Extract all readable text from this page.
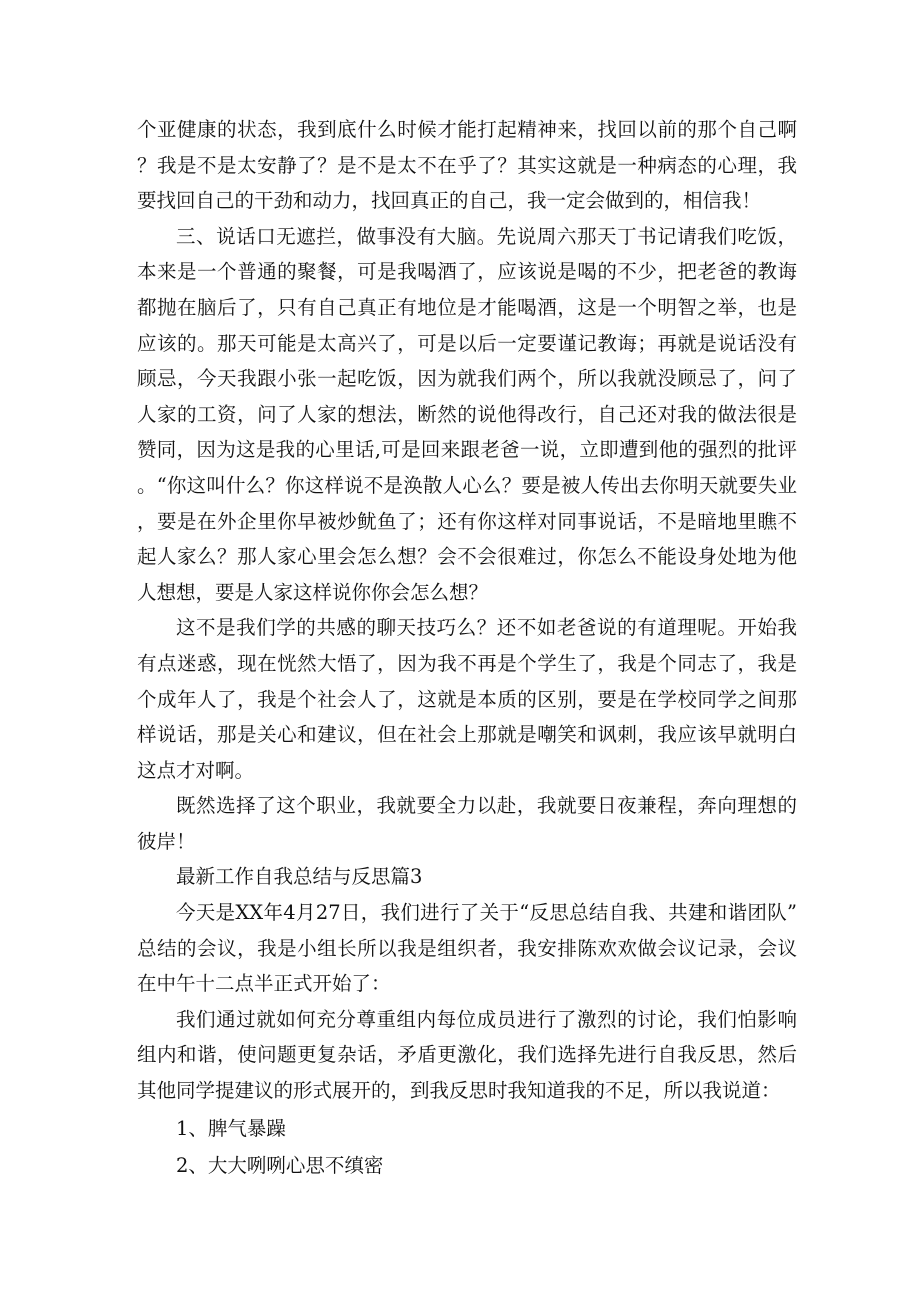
个亚健康的状态，我到底什么时候才能打起精神来，找回以前的那个自己啊？我是不是太安静了？是不是太不在乎了？其实这就是一种病态的心理，我要找回自己的干劲和动力，找回真正的自己，我一定会做到的，相信我！

三、说话口无遮拦，做事没有大脑。先说周六那天丁书记请我们吃饭，本来是一个普通的聚餐，可是我喝酒了，应该说是喝的不少，把老爸的教诲都抛在脑后了，只有自己真正有地位是才能喝酒，这是一个明智之举，也是应该的。那天可能是太高兴了，可是以后一定要谨记教诲；再就是说话没有顾忌，今天我跟小张一起吃饭，因为就我们两个，所以我就没顾忌了，问了人家的工资，问了人家的想法，断然的说他得改行，自己还对我的做法很是赞同，因为这是我的心里话,可是回来跟老爸一说，立即遭到他的强烈的批评。“你这叫什么？你这样说不是涣散人心么？要是被人传出去你明天就要失业，要是在外企里你早被炒鱿鱼了；还有你这样对同事说话，不是暗地里瞧不起人家么？那人家心里会怎么想？会不会很难过，你怎么不能设身处地为他人想想，要是人家这样说你你会怎么想？

这不是我们学的共感的聊天技巧么？还不如老爸说的有道理呢。开始我有点迷惑，现在恍然大悟了，因为我不再是个学生了，我是个同志了，我是个成年人了，我是个社会人了，这就是本质的区别，要是在学校同学之间那样说话，那是关心和建议，但在社会上那就是嘲笑和讽刺，我应该早就明白这点才对啊。

既然选择了这个职业，我就要全力以赴，我就要日夜兼程，奔向理想的彼岸！

最新工作自我总结与反思篇3

今天是XX年4月27日，我们进行了关于“反思总结自我、共建和谐团队”总结的会议，我是小组长所以我是组织者，我安排陈欢欢做会议记录，会议在中午十二点半正式开始了：

我们通过就如何充分尊重组内每位成员进行了激烈的讨论，我们怕影响组内和谐，使问题更复杂话，矛盾更激化，我们选择先进行自我反思，然后其他同学提建议的形式展开的，到我反思时我知道我的不足，所以我说道：

1、脾气暴躁

2、大大咧咧心思不缜密
